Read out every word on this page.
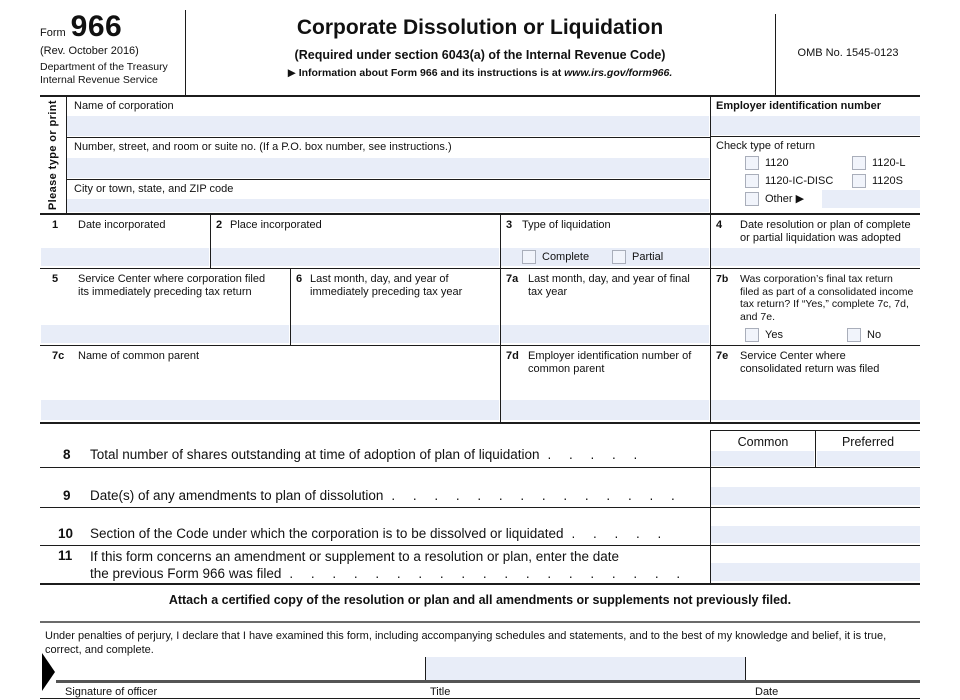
Form 966
(Rev. October 2016)
Department of the Treasury
Internal Revenue Service
Corporate Dissolution or Liquidation
(Required under section 6043(a) of the Internal Revenue Code)
▶ Information about Form 966 and its instructions is at www.irs.gov/form966.
OMB No. 1545-0123
Please type or print Name of corporation
Number, street, and room or suite no. (If a P.O. box number, see instructions.)
City or town, state, and ZIP code
Employer identification number
Check type of return
1120	1120-L
1120-IC-DISC	1120S
Other ▶
1 Date incorporated	2 Place incorporated	3 Type of liquidation
Complete	Partial
4 Date resolution or plan of complete or partial liquidation was adopted
5 Service Center where corporation filed its immediately preceding tax return
6 Last month, day, and year of immediately preceding tax year
7a Last month, day, and year of final tax year
7b Was corporation’s final tax return filed as part of a consolidated income tax return? If “Yes,” complete 7c, 7d, and 7e.
Yes	No
7c Name of common parent	7d Employer identification number of common parent
7e Service Center where consolidated return was filed
Common	Preferred
8 Total number of shares outstanding at time of adoption of plan of liquidation . . . . .
9 Date(s) of any amendments to plan of dissolution . . . . . . . . . . . . . .
10 Section of the Code under which the corporation is to be dissolved or liquidated . . . . .
11 If this form concerns an amendment or supplement to a resolution or plan, enter the date
the previous Form 966 was filed . . . . . . . . . . . . . . . . . . .
Attach a certified copy of the resolution or plan and all amendments or supplements not previously filed.
Under penalties of perjury, I declare that I have examined this form, including accompanying schedules and statements, and to the best of my knowledge and belief, it is true, correct, and complete.
Signature of officer	Title	Date
